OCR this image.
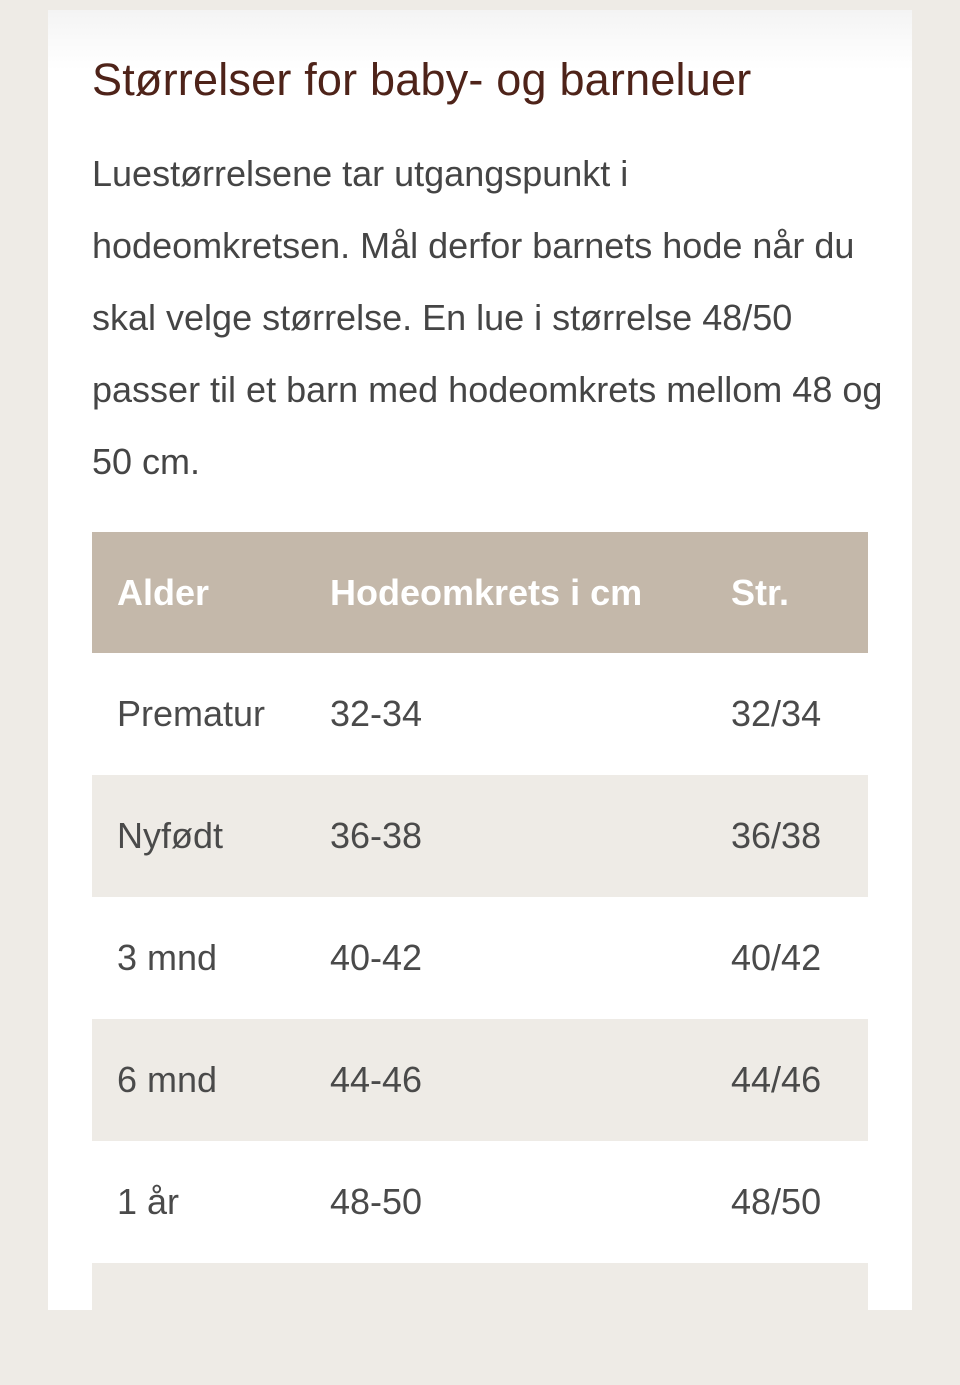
Størrelser for baby- og barneluer

Luestørrelsene tar utgangspunkt i hodeomkretsen. Mål derfor barnets hode når du skal velge størrelse. En lue i størrelse 48/50 passer til et barn med hodeomkrets mellom 48 og 50 cm.

Alder	Hodeomkrets i cm	Str.
Prematur	32-34	32/34
Nyfødt	36-38	36/38
3 mnd	40-42	40/42
6 mnd	44-46	44/46
1 år	48-50	48/50
